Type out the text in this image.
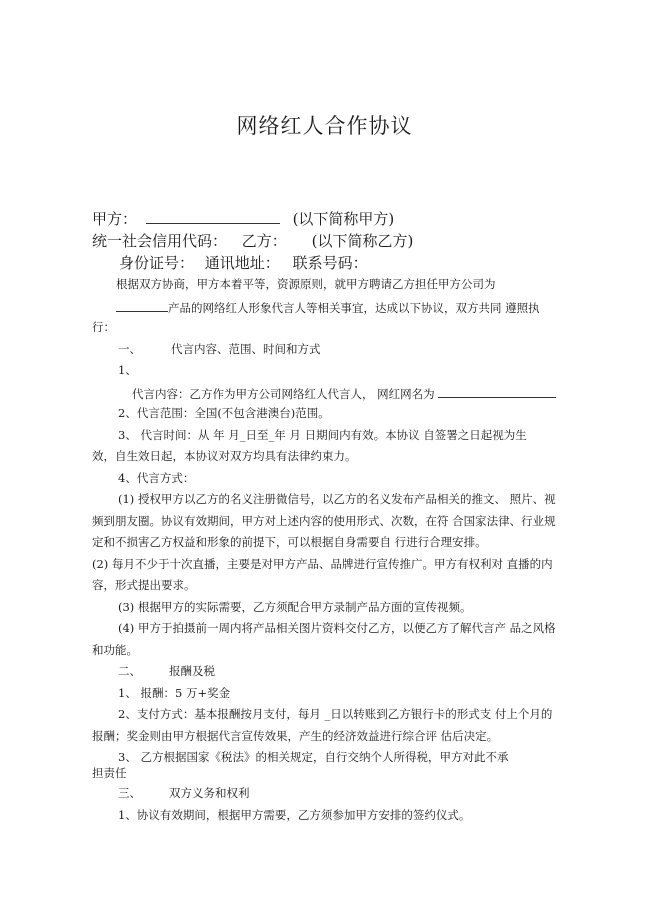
网络红人合作协议
甲方：	(以下简称甲方)
统一社会信用代码： 乙方： (以下简称乙方)
身份证号： 通讯地址： 联系号码：
根据双方协商，甲方本着平等，资源原则，就甲方聘请乙方担任甲方公司为
产品的网络红人形象代言人等相关事宜，达成以下协议，双方共同 遵照执
行：
一、	代言内容、范围、时间和方式
1、
代言内容：乙方作为甲方公司网络红人代言人， 网红网名为
2、代言范围：全国(不包含港澳台)范围。
3、 代言时间：从 年 月_日至_年 月 日期间内有效。本协议 自签署之日起视为生
效，自生效日起，本协议对双方均具有法律约束力。
4、代言方式：
(1) 授权甲方以乙方的名义注册微信号，以乙方的名义发布产品相关的推文、 照片、视
频到朋友圈。协议有效期间，甲方对上述内容的使用形式、次数，在符 合国家法律、行业规
定和不损害乙方权益和形象的前提下，可以根据自身需要自 行进行合理安排。
(2) 每月不少于十次直播，主要是对甲方产品、品牌进行宣传推广。甲方有权利对 直播的内
容，形式提出要求。
(3) 根据甲方的实际需要，乙方须配合甲方录制产品方面的宣传视频。
(4) 甲方于拍摄前一周内将产品相关图片资料交付乙方，以便乙方了解代言产 品之风格
和功能。
二、 报酬及税
1、 报酬：5 万+奖金
2、支付方式：基本报酬按月支付，每月 _日以转账到乙方银行卡的形式支 付上个月的
报酬；奖金则由甲方根据代言宣传效果，产生的经济效益进行综合评 估后决定。
3、 乙方根据国家《税法》的相关规定，自行交纳个人所得税，甲方对此不承
担责任
三、 双方义务和权利
1、协议有效期间，根据甲方需要，乙方须参加甲方安排的签约仪式。
